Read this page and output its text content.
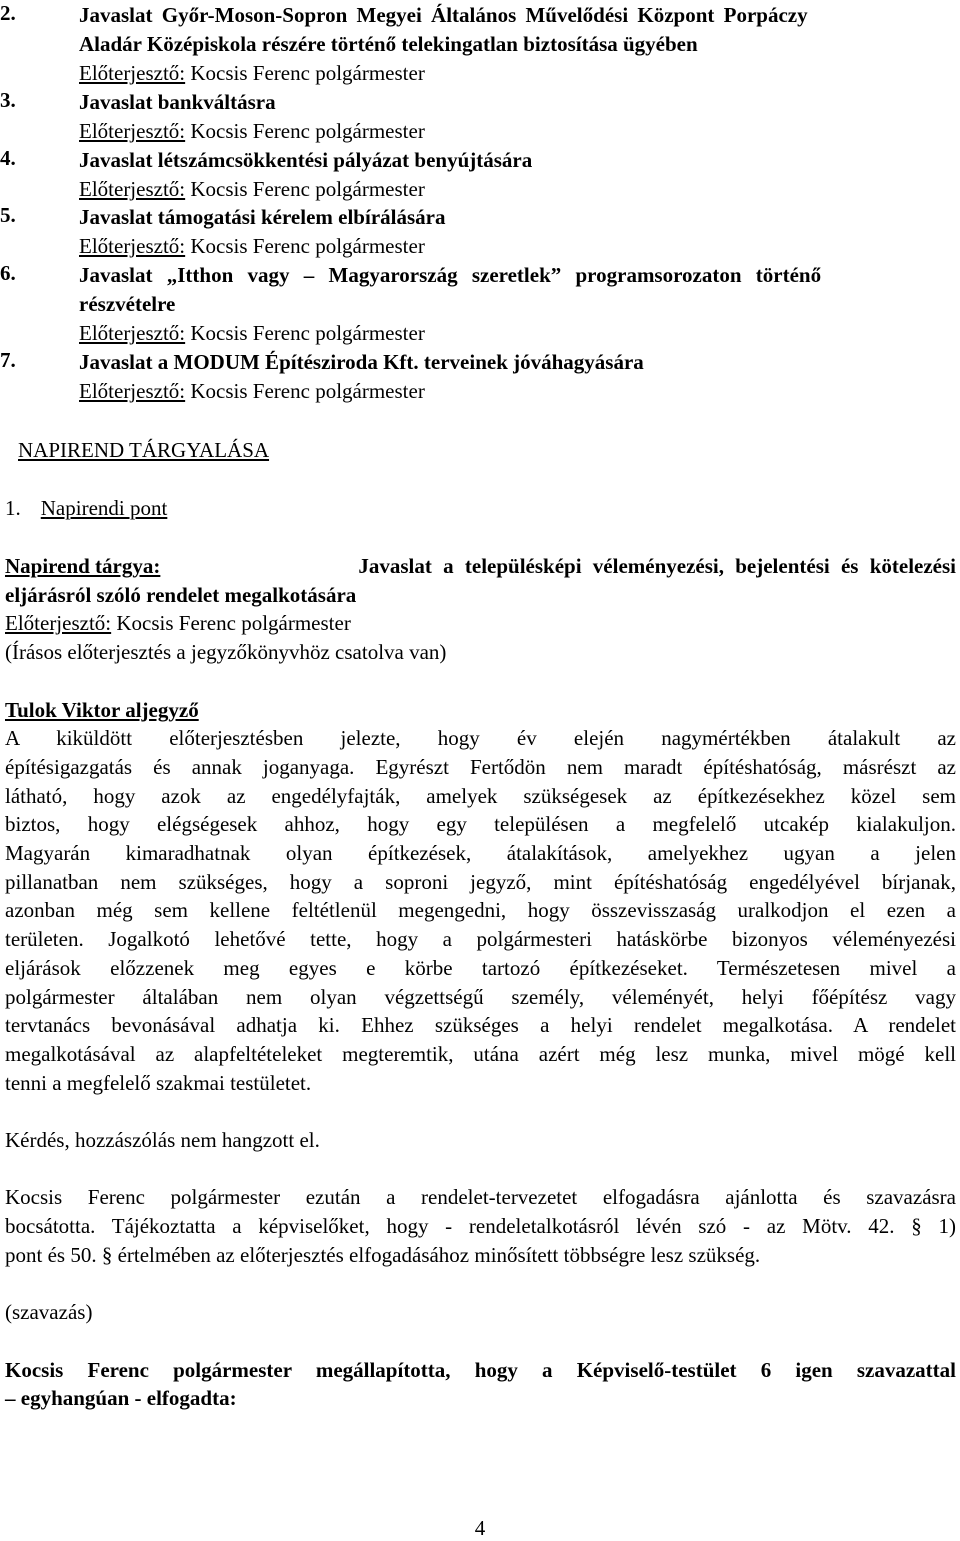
2.	Javaslat Győr-Moson-Sopron Megyei Általános Művelődési Központ Porpáczy
Aladár Középiskola részére történő telekingatlan biztosítása ügyében
Előterjesztő: Kocsis Ferenc polgármester
3.	Javaslat bankváltásra
Előterjesztő: Kocsis Ferenc polgármester
4.	Javaslat létszámcsökkentési pályázat benyújtására
Előterjesztő: Kocsis Ferenc polgármester
5.	Javaslat támogatási kérelem elbírálására
Előterjesztő: Kocsis Ferenc polgármester
6.	Javaslat „Itthon vagy – Magyarország szeretlek” programsorozaton történő
részvételre
Előterjesztő: Kocsis Ferenc polgármester
7.	Javaslat a MODUM Építésziroda Kft. terveinek jóváhagyására
Előterjesztő: Kocsis Ferenc polgármester
NAPIREND TÁRGYALÁSA
1. Napirendi pont
Napirend tárgya:	Javaslat a településképi véleményezési, bejelentési és kötelezési
eljárásról szóló rendelet megalkotására
Előterjesztő: Kocsis Ferenc polgármester
(Írásos előterjesztés a jegyzőkönyvhöz csatolva van)
Tulok Viktor aljegyző
A kiküldött előterjesztésben jelezte, hogy év elején nagymértékben átalakult az
építésigazgatás és annak joganyaga. Egyrészt Fertődön nem maradt építéshatóság, másrészt az
látható, hogy azok az engedélyfajták, amelyek szükségesek az építkezésekhez közel sem
biztos, hogy elégségesek ahhoz, hogy egy településen a megfelelő utcakép kialakuljon.
Magyarán kimaradhatnak olyan építkezések, átalakítások, amelyekhez ugyan a jelen
pillanatban nem szükséges, hogy a soproni jegyző, mint építéshatóság engedélyével bírjanak,
azonban még sem kellene feltétlenül megengedni, hogy összevisszaság uralkodjon el ezen a
területen. Jogalkotó lehetővé tette, hogy a polgármesteri hatáskörbe bizonyos véleményezési
eljárások előzzenek meg egyes e körbe tartozó építkezéseket. Természetesen mivel a
polgármester általában nem olyan végzettségű személy, véleményét, helyi főépítész vagy
tervtanács bevonásával adhatja ki. Ehhez szükséges a helyi rendelet megalkotása. A rendelet
megalkotásával az alapfeltételeket megteremtik, utána azért még lesz munka, mivel mögé kell
tenni a megfelelő szakmai testületet.
Kérdés, hozzászólás nem hangzott el.
Kocsis Ferenc polgármester ezután a rendelet-tervezetet elfogadásra ajánlotta és szavazásra
bocsátotta. Tájékoztatta a képviselőket, hogy - rendeletalkotásról lévén szó - az Mötv. 42. § 1)
pont és 50. § értelmében az előterjesztés elfogadásához minősített többségre lesz szükség.
(szavazás)
Kocsis Ferenc polgármester megállapította, hogy a Képviselő-testület 6 igen szavazattal
– egyhangúan - elfogadta:
4
